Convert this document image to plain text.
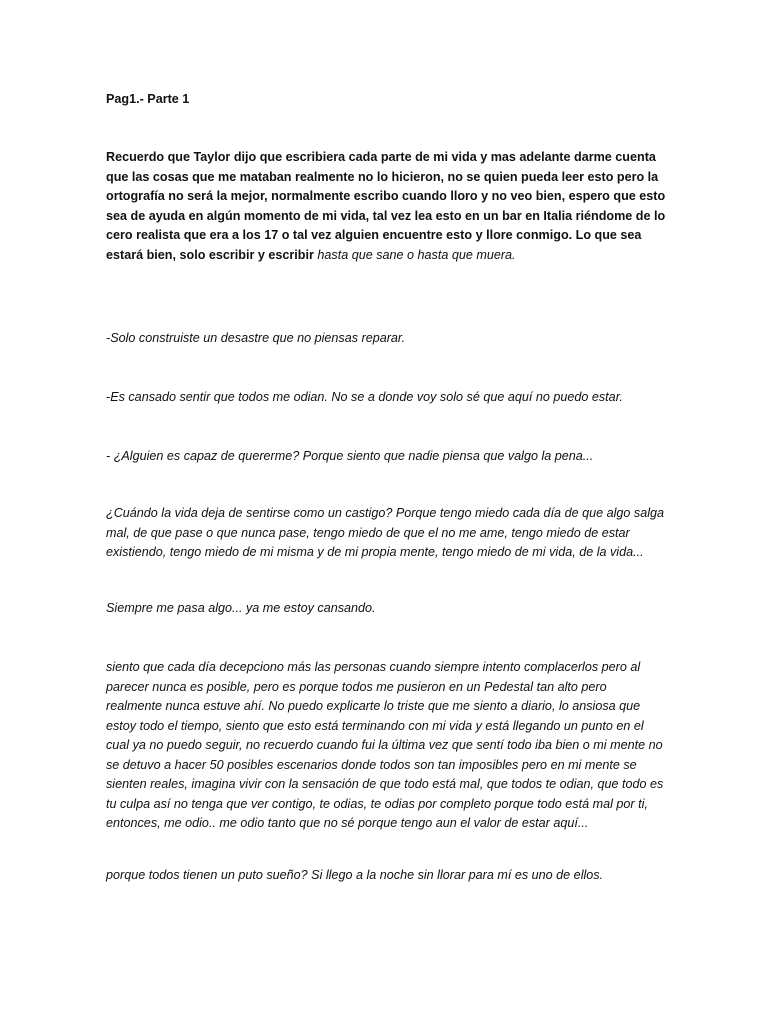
Pag1.- Parte 1

Recuerdo que Taylor dijo que escribiera cada parte de mi vida y mas adelante darme cuenta que las cosas que me mataban realmente no lo hicieron, no se quien pueda leer esto pero la ortografía no será la mejor, normalmente escribo cuando lloro y no veo bien, espero que esto sea de ayuda en algún momento de mi vida, tal vez lea esto en un bar en Italia riéndome de lo cero realista que era a los 17 o tal vez alguien encuentre esto y llore conmigo. Lo que sea estará bien, solo escribir y escribir hasta que sane o hasta que muera.

-Solo construiste un desastre que no piensas reparar.

-Es cansado sentir que todos me odian. No se a donde voy solo sé que aquí no puedo estar.

- ¿Alguien es capaz de quererme? Porque siento que nadie piensa que valgo la pena...

¿Cuándo la vida deja de sentirse como un castigo? Porque tengo miedo cada día de que algo salga mal, de que pase o que nunca pase, tengo miedo de que el no me ame, tengo miedo de estar existiendo, tengo miedo de mi misma y de mi propia mente, tengo miedo de mi vida, de la vida...

Siempre me pasa algo... ya me estoy cansando.

siento que cada día decepciono más las personas cuando siempre intento complacerlos pero al parecer nunca es posible, pero es porque todos me pusieron en un Pedestal tan alto pero realmente nunca estuve ahí. No puedo explicarte lo triste que me siento a diario, lo ansiosa que estoy todo el tiempo, siento que esto está terminando con mi vida y está llegando un punto en el cual ya no puedo seguir, no recuerdo cuando fui la última vez que sentí todo iba bien o mi mente no se detuvo a hacer 50 posibles escenarios donde todos son tan imposibles pero en mi mente se sienten reales, imagina vivir con la sensación de que todo está mal, que todos te odian, que todo es tu culpa así no tenga que ver contigo, te odias, te odias por completo porque todo está mal por ti, entonces, me odio.. me odio tanto que no sé porque tengo aun el valor de estar aquí...

porque todos tienen un puto sueño? Si llego a la noche sin llorar para mí es uno de ellos.
